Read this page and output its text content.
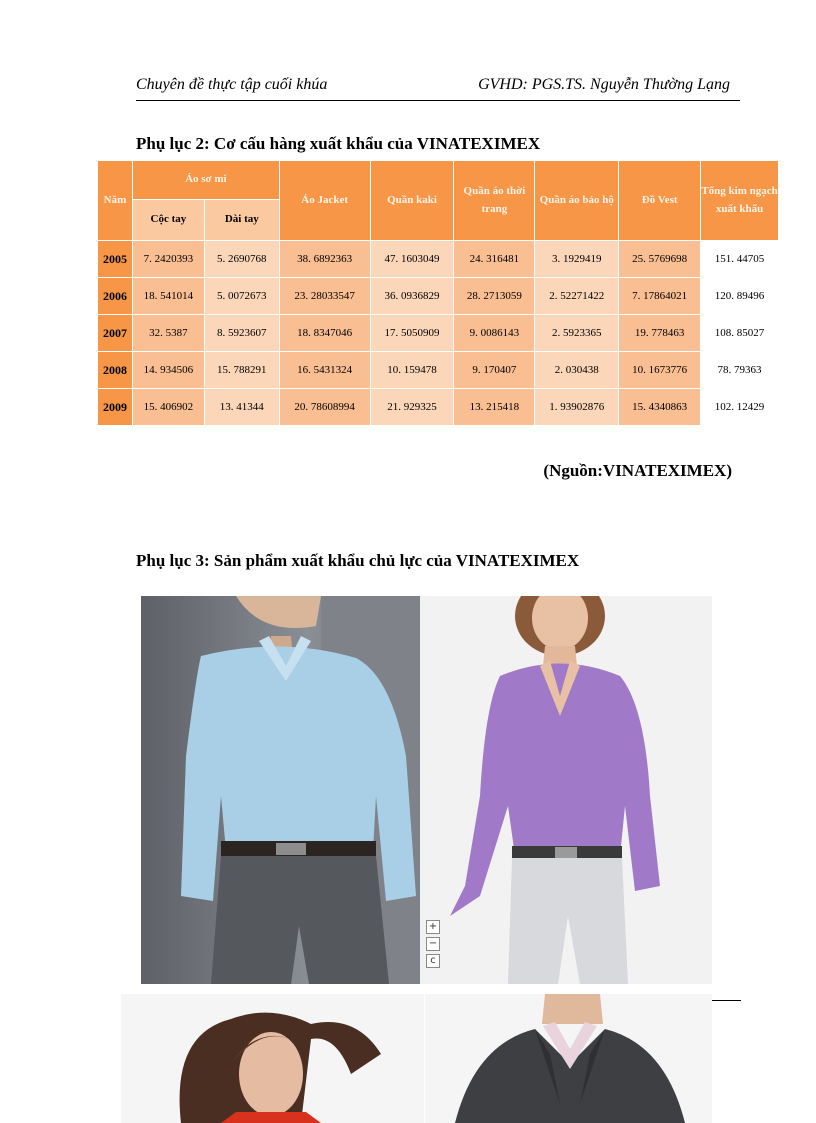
Chuyên đề thực tập cuối khúa	GVHD: PGS.TS. Nguyễn Thường Lạng
Phụ lục 2: Cơ cấu hàng xuất khẩu của VINATEXIMEX
Năm	Áo sơ mi		Áo Jacket	Quần kaki	Quần áo thời trang	Quần áo bảo hộ	Đồ Vest	Tổng kim ngạch xuất khẩu
	Cộc tay	Dài tay						
2005	7. 2420393	5. 2690768	38. 6892363	47. 1603049	24. 316481	3. 1929419	25. 5769698	151. 44705
2006	18. 541014	5. 0072673	23. 28033547	36. 0936829	28. 2713059	2. 52271422	7. 17864021	120. 89496
2007	32. 5387	8. 5923607	18. 8347046	17. 5050909	9. 0086143	2. 5923365	19. 778463	108. 85027
2008	14. 934506	15. 788291	16. 5431324	10. 159478	9. 170407	2. 030438	10. 1673776	78. 79363
2009	15. 406902	13. 41344	20. 78608994	21. 929325	13. 215418	1. 93902876	15. 4340863	102. 12429
(Nguồn:VINATEXIMEX)
Phụ lục 3: Sản phẩm xuất khẩu chủ lực của VINATEXIMEX
+
−
c
